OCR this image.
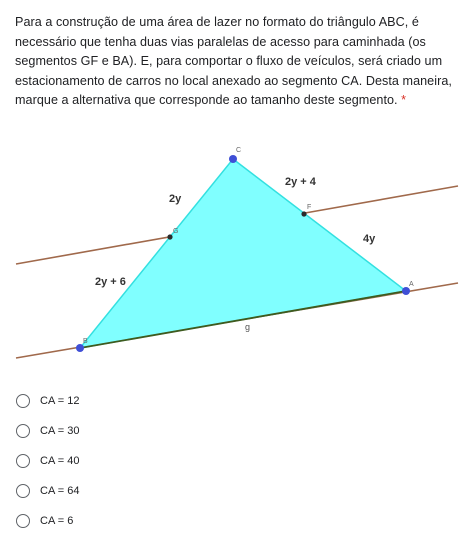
Para a construção de uma área de lazer no formato do triângulo ABC, é
necessário que tenha duas vias paralelas de acesso para caminhada (os
segmentos GF e BA). E, para comportar o fluxo de veículos, será criado um
estacionamento de carros no local anexado ao segmento CA. Desta maneira,
marque a alternativa que corresponde ao tamanho deste segmento. *
C
F
G
A
B
2y
2y + 4
4y
2y + 6
g
CA = 12
CA = 30
CA = 40
CA = 64
CA = 6
